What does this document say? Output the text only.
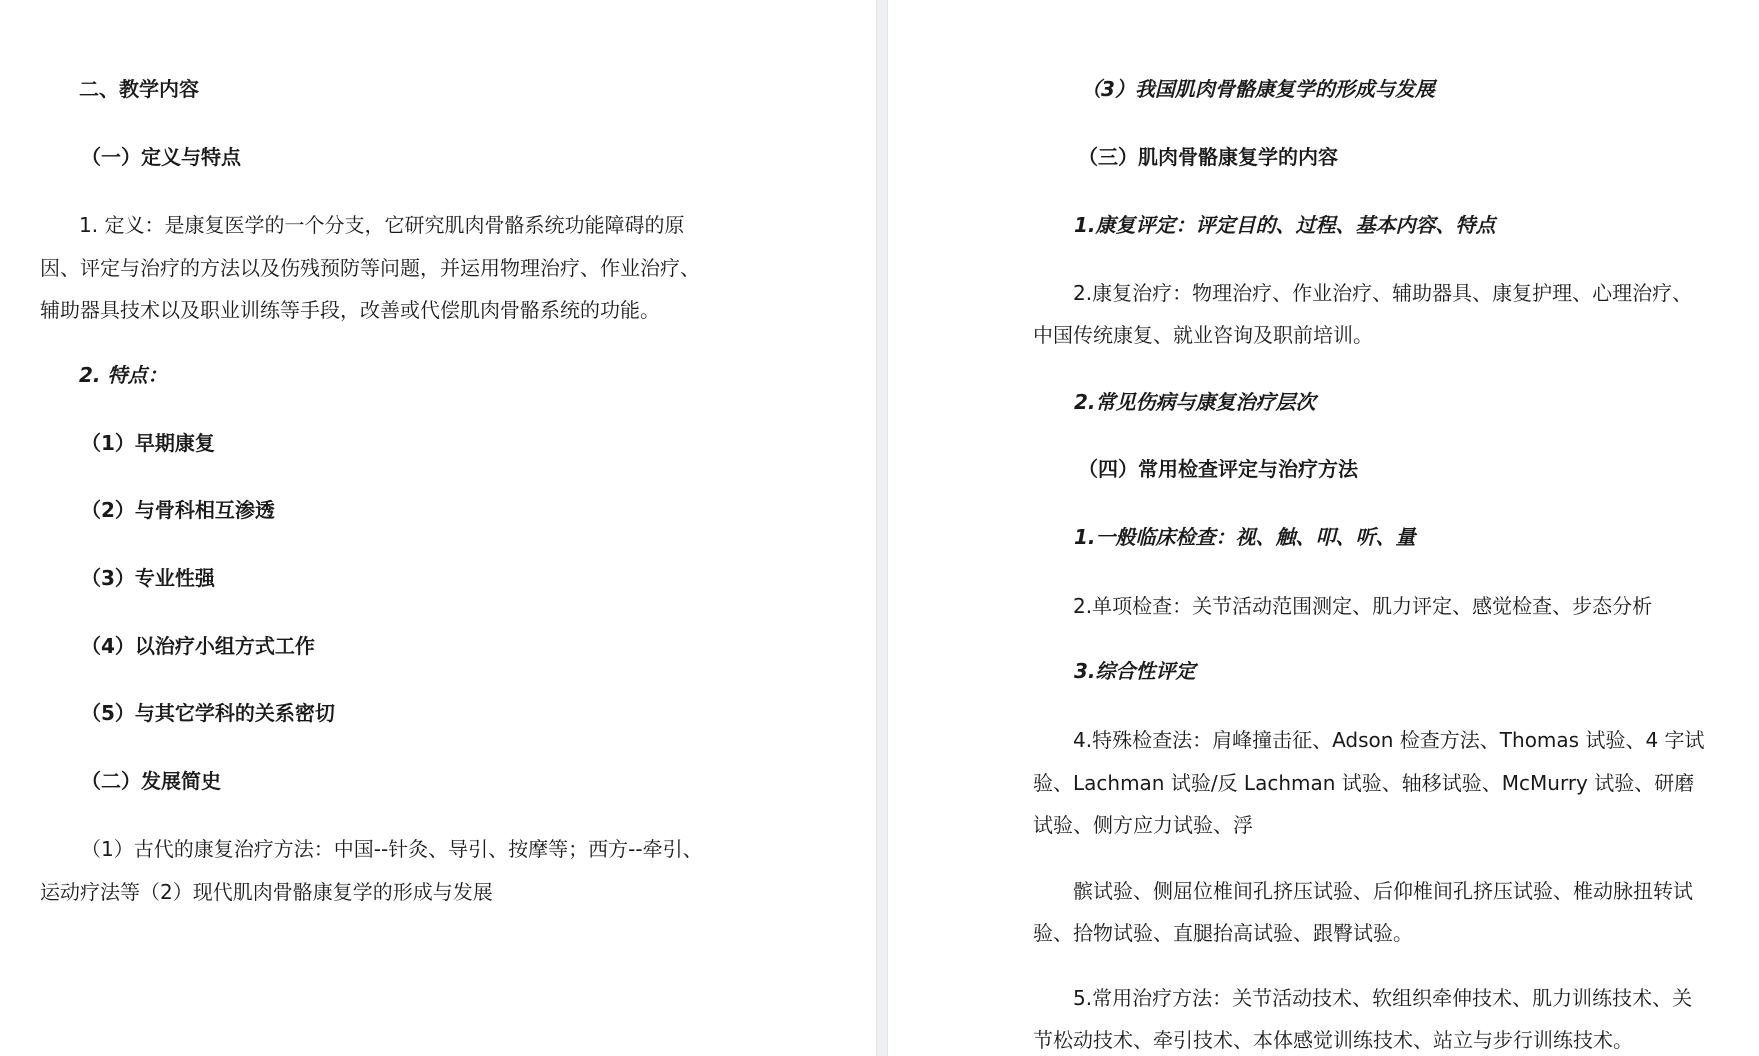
二、教学内容
（一）定义与特点
1. 定义：是康复医学的一个分支，它研究肌肉骨骼系统功能障碍的原
因、评定与治疗的方法以及伤残预防等问题，并运用物理治疗、作业治疗、
辅助器具技术以及职业训练等手段，改善或代偿肌肉骨骼系统的功能。
2. 特点：
（1）早期康复
（2）与骨科相互渗透
（3）专业性强
（4）以治疗小组方式工作
（5）与其它学科的关系密切
（二）发展简史
（1）古代的康复治疗方法：中国--针灸、导引、按摩等；西方--牵引、
运动疗法等（2）现代肌肉骨骼康复学的形成与发展
（3）我国肌肉骨骼康复学的形成与发展
（三）肌肉骨骼康复学的内容
1.康复评定：评定目的、过程、基本内容、特点
2.康复治疗：物理治疗、作业治疗、辅助器具、康复护理、心理治疗、
中国传统康复、就业咨询及职前培训。
2.常见伤病与康复治疗层次
（四）常用检查评定与治疗方法
1.一般临床检查：视、触、叩、听、量
2.单项检查：关节活动范围测定、肌力评定、感觉检查、步态分析
3.综合性评定
4.特殊检查法：肩峰撞击征、Adson 检查方法、Thomas 试验、4 字试
验、Lachman 试验/反 Lachman 试验、轴移试验、McMurry 试验、研磨
试验、侧方应力试验、浮
髌试验、侧屈位椎间孔挤压试验、后仰椎间孔挤压试验、椎动脉扭转试
验、拾物试验、直腿抬高试验、跟臀试验。
5.常用治疗方法：关节活动技术、软组织牵伸技术、肌力训练技术、关
节松动技术、牵引技术、本体感觉训练技术、站立与步行训练技术。
